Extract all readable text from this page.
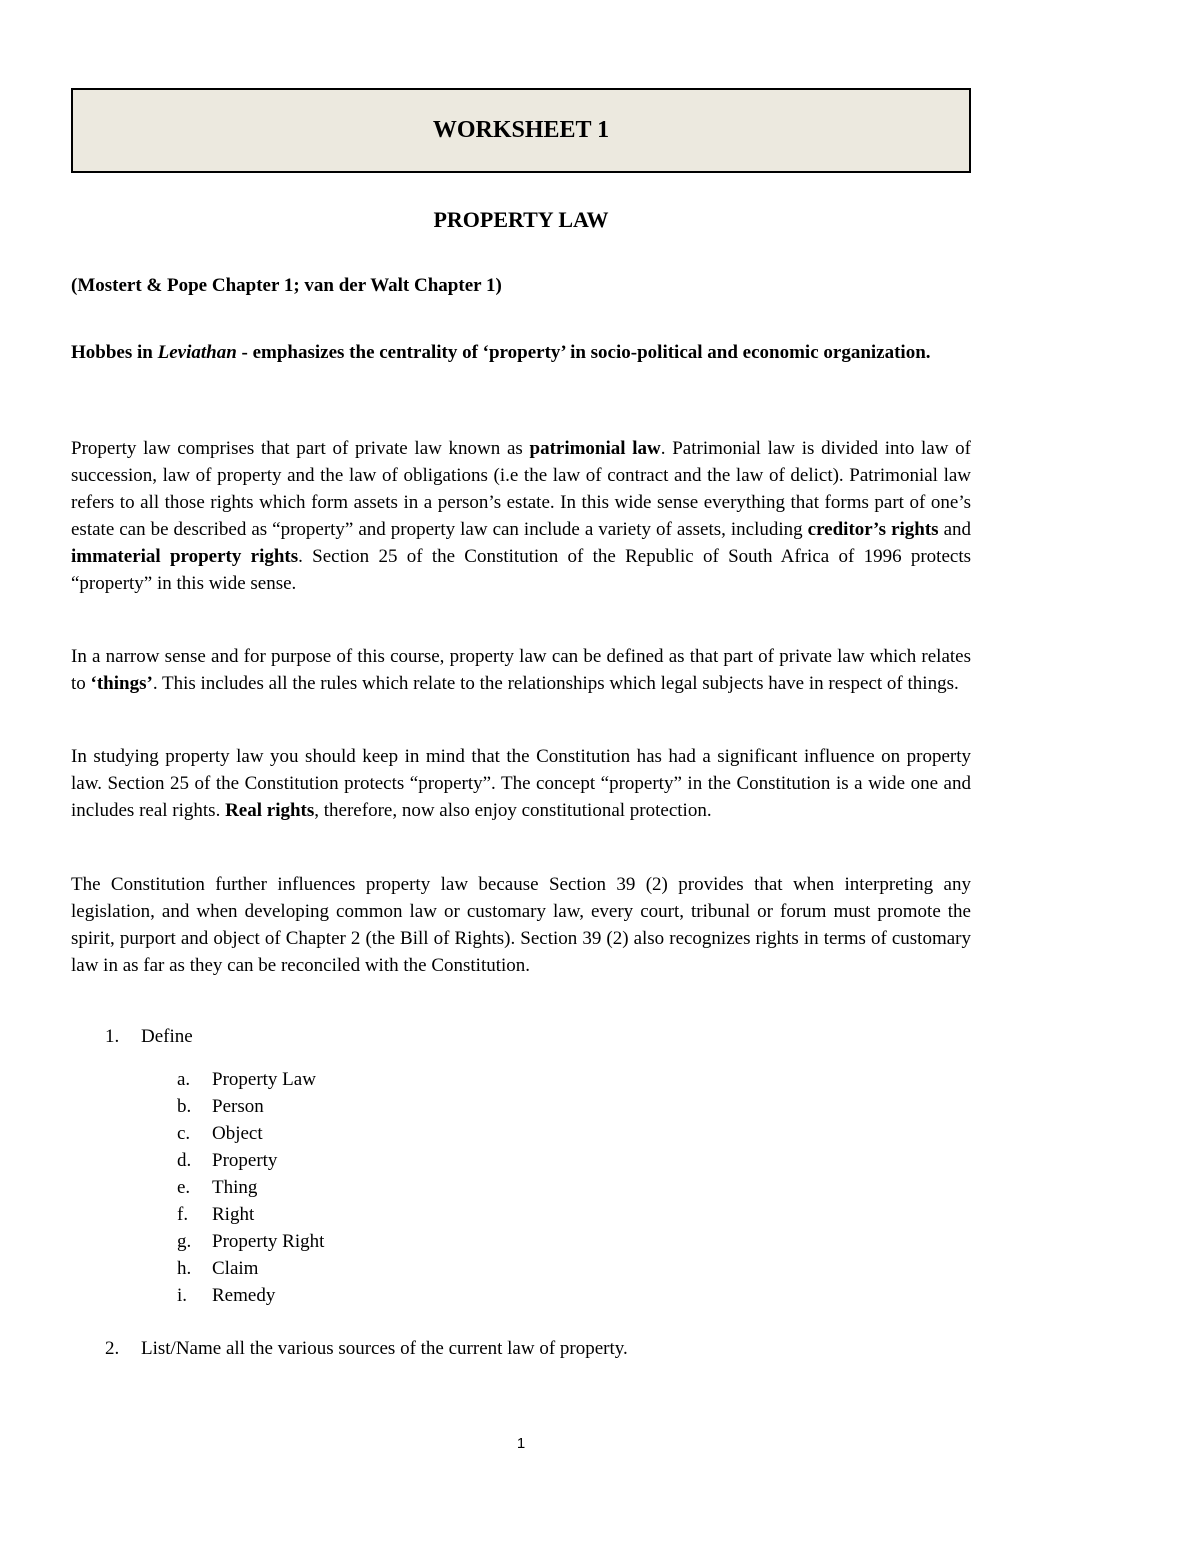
WORKSHEET 1
PROPERTY LAW
(Mostert & Pope Chapter 1; van der Walt Chapter 1)
Hobbes in Leviathan - emphasizes the centrality of ‘property’ in socio-political and economic organization.
Property law comprises that part of private law known as patrimonial law. Patrimonial law is divided into law of succession, law of property and the law of obligations (i.e the law of contract and the law of delict). Patrimonial law refers to all those rights which form assets in a person’s estate. In this wide sense everything that forms part of one’s estate can be described as “property” and property law can include a variety of assets, including creditor’s rights and immaterial property rights. Section 25 of the Constitution of the Republic of South Africa of 1996 protects “property” in this wide sense.
In a narrow sense and for purpose of this course, property law can be defined as that part of private law which relates to ‘things’. This includes all the rules which relate to the relationships which legal subjects have in respect of things.
In studying property law you should keep in mind that the Constitution has had a significant influence on property law. Section 25 of the Constitution protects “property”. The concept “property” in the Constitution is a wide one and includes real rights. Real rights, therefore, now also enjoy constitutional protection.
The Constitution further influences property law because Section 39 (2) provides that when interpreting any legislation, and when developing common law or customary law, every court, tribunal or forum must promote the spirit, purport and object of Chapter 2 (the Bill of Rights). Section 39 (2) also recognizes rights in terms of customary law in as far as they can be reconciled with the Constitution.
1. Define
a.	Property Law
b.	Person
c.	Object
d.	Property
e.	Thing
f.	Right
g.	Property Right
h.	Claim
i.	Remedy
2. List/Name all the various sources of the current law of property.
1
